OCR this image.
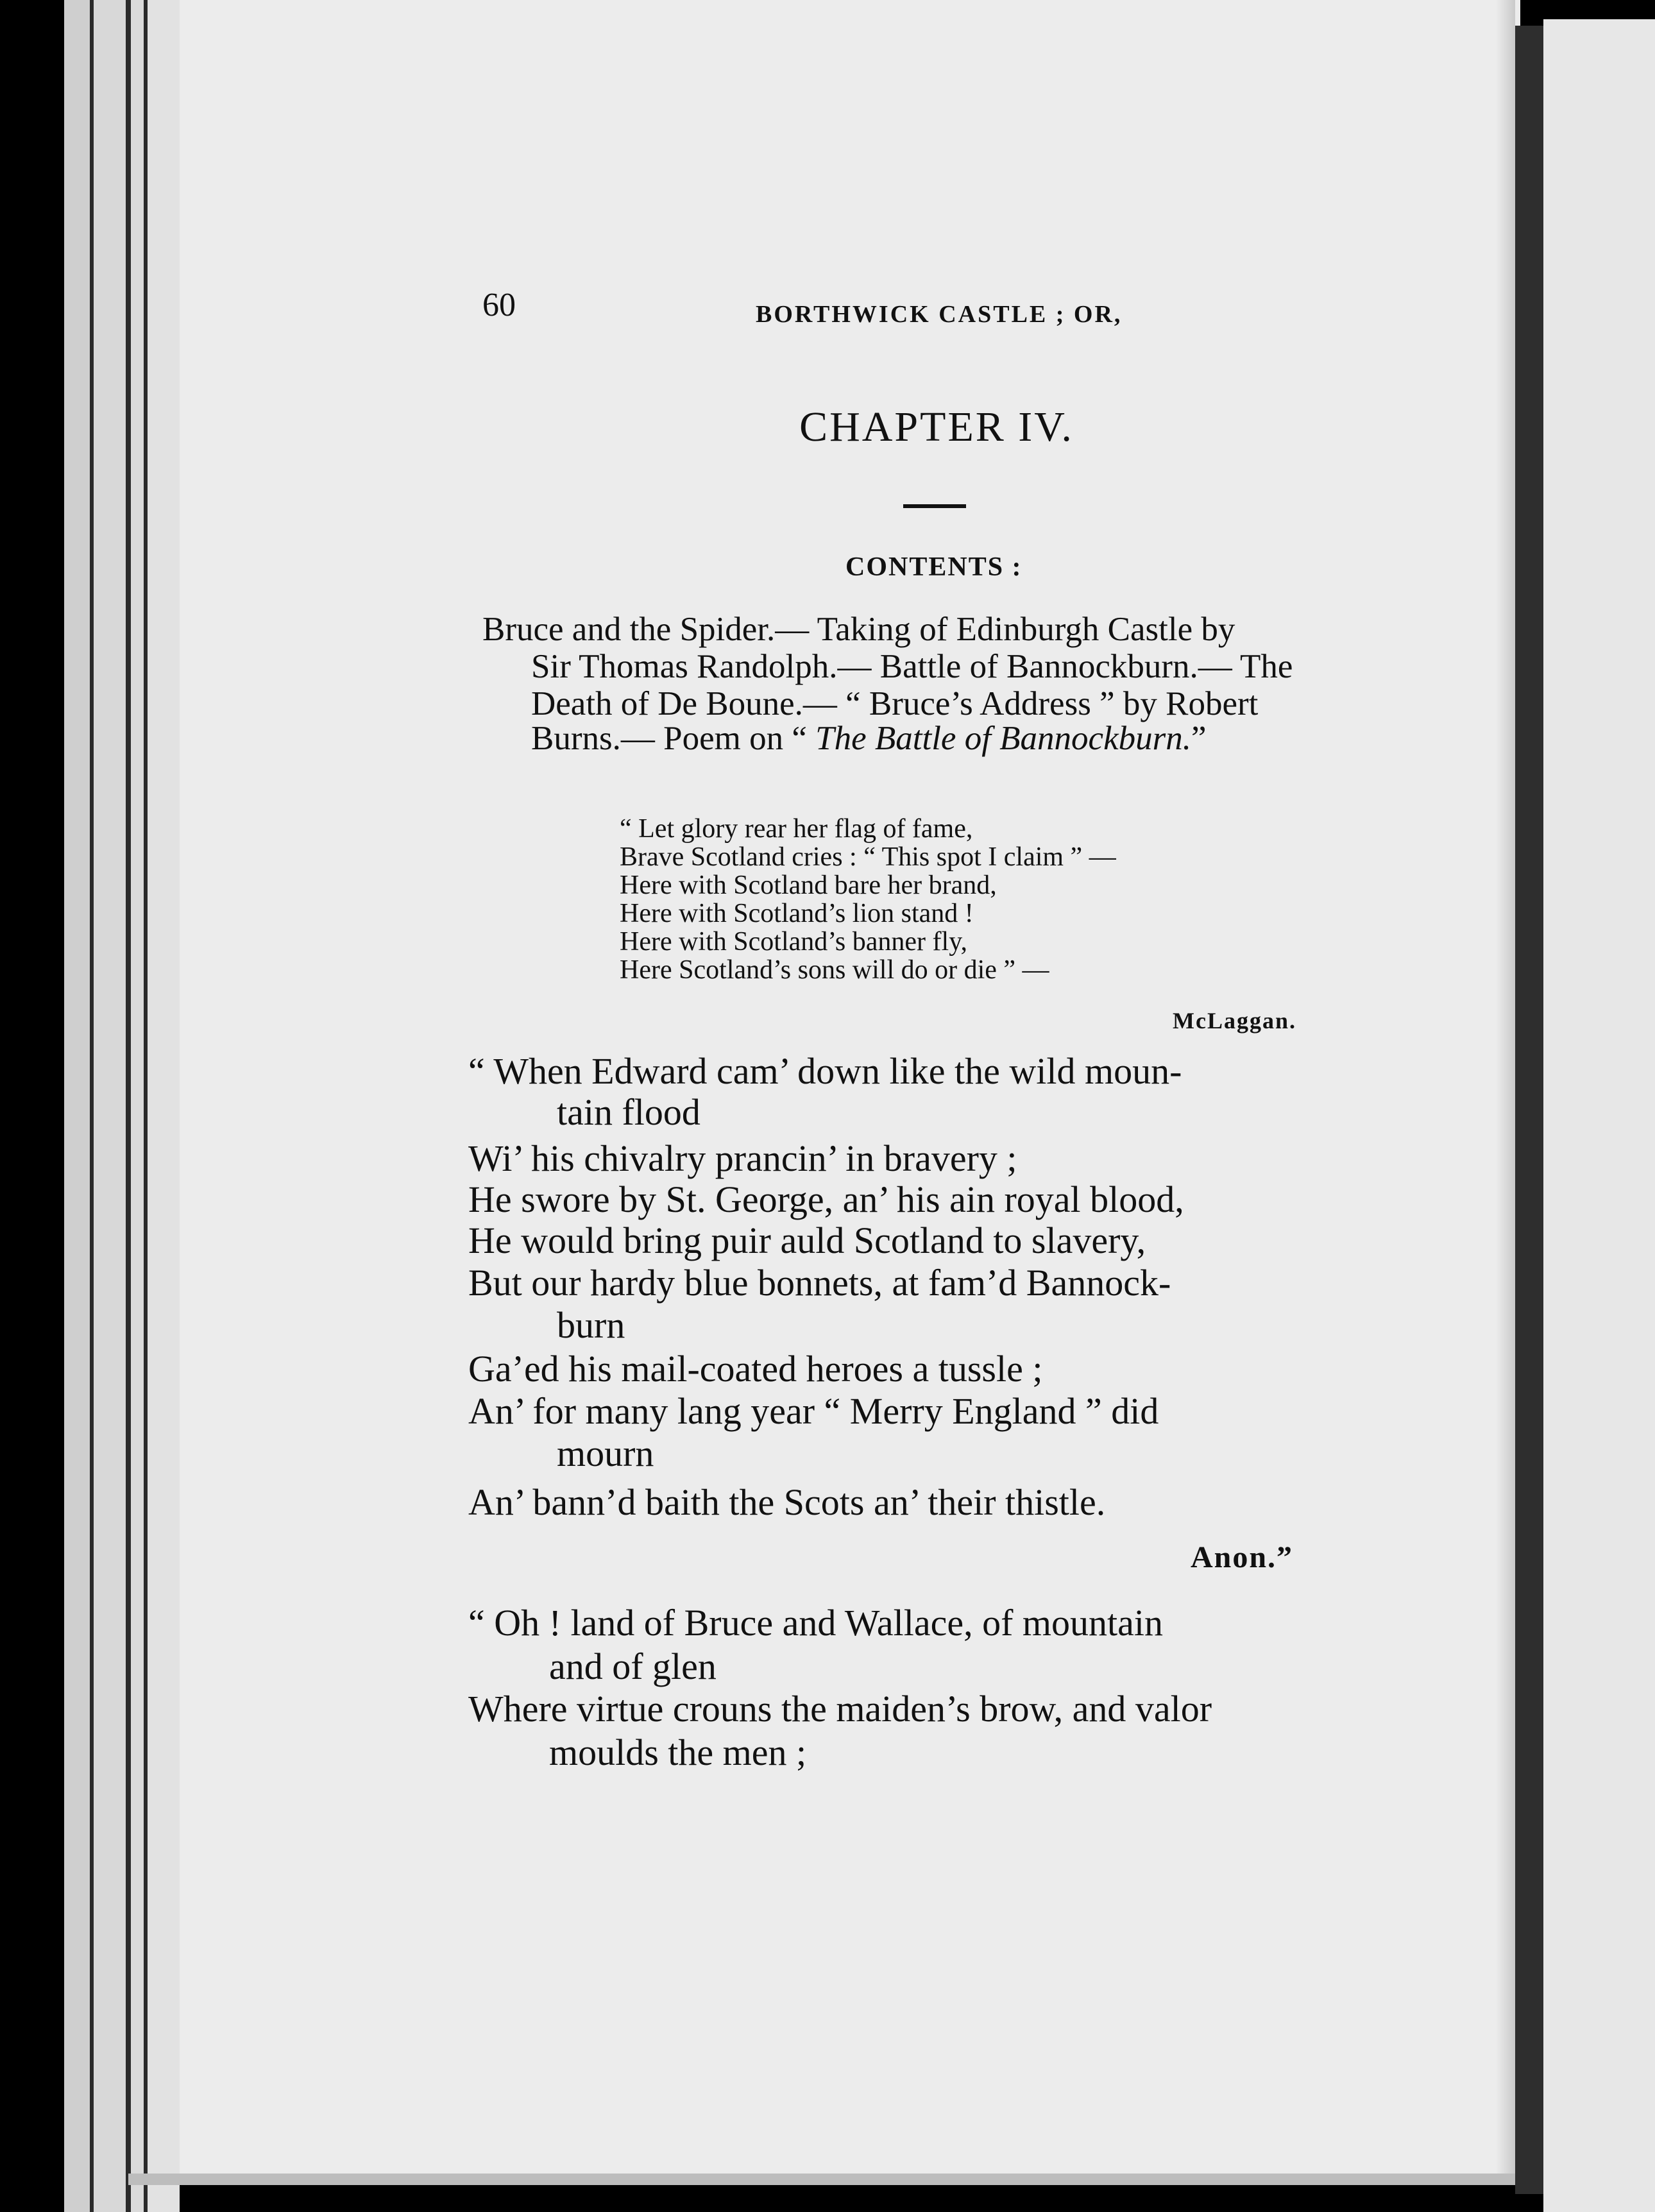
60	BORTHWICK CASTLE ; OR,
CHAPTER IV.
CONTENTS :
Bruce and the Spider.— Taking of Edinburgh Castle by
Sir Thomas Randolph.— Battle of Bannockburn.— The
Death of De Boune.— “ Bruce’s Address ” by Robert
Burns.— Poem on “ The Battle of Bannockburn.”
“ Let glory rear her flag of fame,
Brave Scotland cries : “ This spot I claim ” —
Here with Scotland bare her brand,
Here with Scotland’s lion stand !
Here with Scotland’s banner fly,
Here Scotland’s sons will do or die ” —
McLaggan.
“ When Edward cam’ down like the wild moun-
tain flood
Wi’ his chivalry prancin’ in bravery ;
He swore by St. George, an’ his ain royal blood,
He would bring puir auld Scotland to slavery,
But our hardy blue bonnets, at fam’d Bannock-
burn
Ga’ed his mail-coated heroes a tussle ;
An’ for many lang year “ Merry England ” did
mourn
An’ bann’d baith the Scots an’ their thistle.
Anon.”
“ Oh ! land of Bruce and Wallace, of mountain
and of glen
Where virtue crouns the maiden’s brow, and valor
moulds the men ;
